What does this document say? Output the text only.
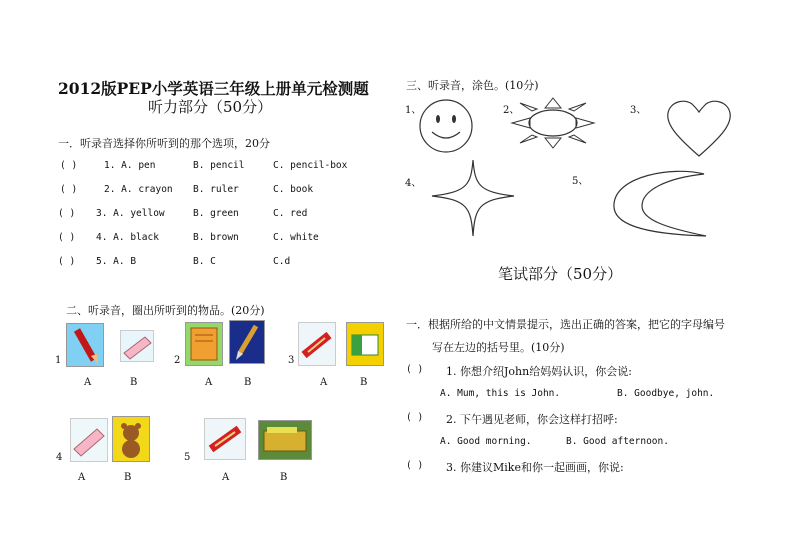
2012版PEP小学英语三年级上册单元检测题
听力部分（50分）
一．听录音选择你所听到的那个选项，20分
( )	1. A. pen	B. pencil	C. pencil-box
( )	2. A. crayon B. ruler	C. book
( ) 3. A. yellow	B. green	C. red
( ) 4. A. black	B. brown	C. white
( ) 5. A. B	B. C	C.d
二、听录音，圈出所听到的物品。(20分)
1
A	B
2
A	B
3
A	B
4
A	B
5
A	B
三、听录音，涂色。(10分)
1、	2、	3、
4、	5、
笔试部分（50分）
一．根据所给的中文情景提示，选出正确的答案，把它的字母编号
写在左边的括号里。(10分)
( ) 1. 你想介绍John给妈妈认识，你会说:
A. Mum, this is John.	B. Goodbye, john.
( ) 2. 下午遇见老师，你会这样打招呼:
A. Good morning.	B. Good afternoon.
( ) 3. 你建议Mike和你一起画画，你说:
